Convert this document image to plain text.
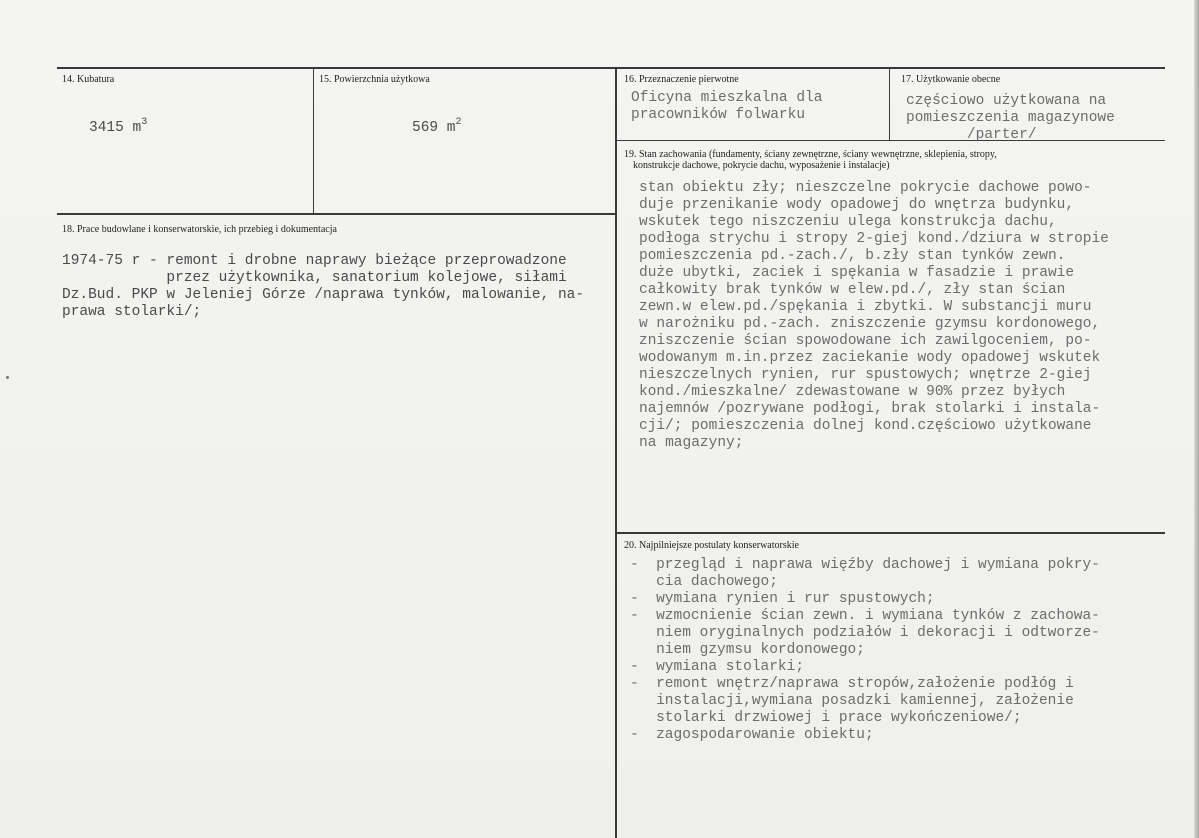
14. Kubatura
3415 $m^3$
15. Powierzchnia użytkowa
569 $m^2$
16. Przeznaczenie pierwotne
Oficyna mieszkalna dla
pracowników folwarku
17. Użytkowanie obecne
częściowo użytkowana na
pomieszczenia magazynowe
/parter/
18. Prace budowlane i konserwatorskie, ich przebieg i dokumentacja
1974-75 r - remont i drobne naprawy bieżące przeprowadzone
przez użytkownika, sanatorium kolejowe, siłami
Dz.Bud. PKP w Jeleniej Górze /naprawa tynków, malowanie, na-
prawa stolarki/;
19. Stan zachowania (fundamenty, ściany zewnętrzne, ściany wewnętrzne, sklepienia, stropy,
konstrukcje dachowe, pokrycie dachu, wyposażenie i instalacje)
stan obiektu zły; nieszczelne pokrycie dachowe powo-
duje przenikanie wody opadowej do wnętrza budynku,
wskutek tego niszczeniu ulega konstrukcja dachu,
podłoga strychu i stropy 2-giej kond./dziura w stropie
pomieszczenia pd.-zach./, b.zły stan tynków zewn.
duże ubytki, zaciek i spękania w fasadzie i prawie
całkowity brak tynków w elew.pd./, zły stan ścian
zewn.w elew.pd./spękania i zbytki. W substancji muru
w narożniku pd.-zach. zniszczenie gzymsu kordonowego,
zniszczenie ścian spowodowane ich zawilgoceniem, po-
wodowanym m.in.przez zaciekanie wody opadowej wskutek
nieszczelnych rynien, rur spustowych; wnętrze 2-giej
kond./mieszkalne/ zdewastowane w 90% przez byłych
najemnów /pozrywane podłogi, brak stolarki i instala-
cji/; pomieszczenia dolnej kond.częściowo użytkowane
na magazyny;
20. Najpilniejsze postulaty konserwatorskie
-  przegląd i naprawa więźby dachowej i wymiana pokry-
cia dachowego;
-  wymiana rynien i rur spustowych;
-  wzmocnienie ścian zewn. i wymiana tynków z zachowa-
niem oryginalnych podziałów i dekoracji i odtworze-
niem gzymsu kordonowego;
-  wymiana stolarki;
-  remont wnętrz/naprawa stropów,założenie podłóg i
instalacji,wymiana posadzki kamiennej, założenie
stolarki drzwiowej i prace wykończeniowe/;
-  zagospodarowanie obiektu;
